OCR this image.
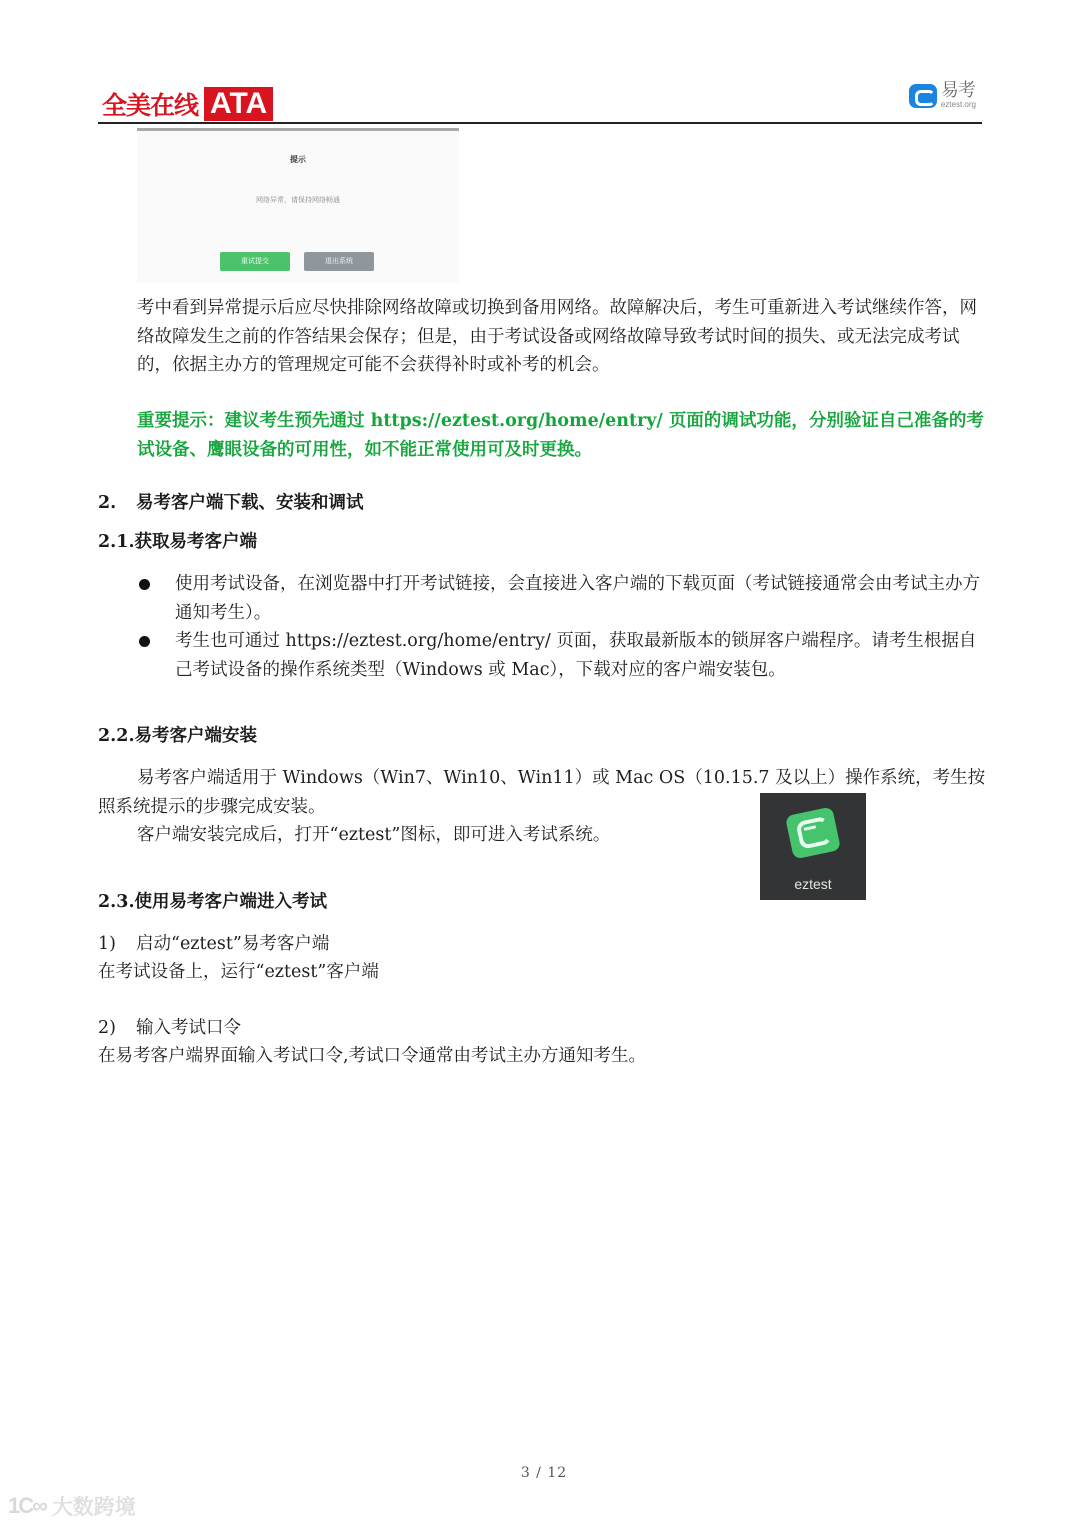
全美在线 ATA	易考
eztest.org
提示
网络异常，请保持网络畅通
重试提交	退出系统

考中看到异常提示后应尽快排除网络故障或切换到备用网络。故障解决后，考生可重新进入考试继续作答，网络故障发生之前的作答结果会保存；但是，由于考试设备或网络故障导致考试时间的损失、或无法完成考试的，依据主办方的管理规定可能不会获得补时或补考的机会。

重要提示：建议考生预先通过 https://eztest.org/home/entry/ 页面的调试功能，分别验证自己准备的考试设备、鹰眼设备的可用性，如不能正常使用可及时更换。

2. 易考客户端下载、安装和调试
2.1.获取易考客户端
使用考试设备，在浏览器中打开考试链接，会直接进入客户端的下载页面（考试链接通常会由考试主办方通知考生）。
考生也可通过 https://eztest.org/home/entry/ 页面，获取最新版本的锁屏客户端程序。请考生根据自己考试设备的操作系统类型（Windows 或 Mac），下载对应的客户端安装包。
2.2.易考客户端安装

易考客户端适用于 Windows（Win7、Win10、Win11）或 Mac OS（10.15.7 及以上）操作系统，考生按照系统提示的步骤完成安装。

客户端安装完成后，打开“eztest”图标，即可进入考试系统。

eztest
2.3.使用易考客户端进入考试
1) 启动“eztest”易考客户端
在考试设备上，运行“eztest”客户端
2) 输入考试口令
在易考客户端界面输入考试口令,考试口令通常由考试主办方通知考生。
3 / 12
1C∞ 大数跨境
